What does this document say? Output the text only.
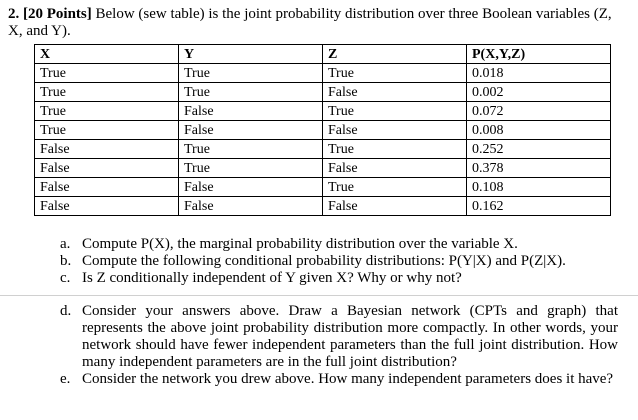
2. [20 Points] Below (sew table) is the joint probability distribution over three Boolean variables (Z, X, and Y).
X	Y	Z	P(X,Y,Z)
True	True	True	0.018
True	True	False	0.002
True	False	True	0.072
True	False	False	0.008
False	True	True	0.252
False	True	False	0.378
False	False	True	0.108
False	False	False	0.162
a. Compute P(X), the marginal probability distribution over the variable X.
b. Compute the following conditional probability distributions: P(Y|X) and P(Z|X).
c. Is Z conditionally independent of Y given X? Why or why not?
d. Consider your answers above. Draw a Bayesian network (CPTs and graph) that represents the above joint probability distribution more compactly. In other words, your network should have fewer independent parameters than the full joint distribution. How many independent parameters are in the full joint distribution?
e. Consider the network you drew above. How many independent parameters does it have?
